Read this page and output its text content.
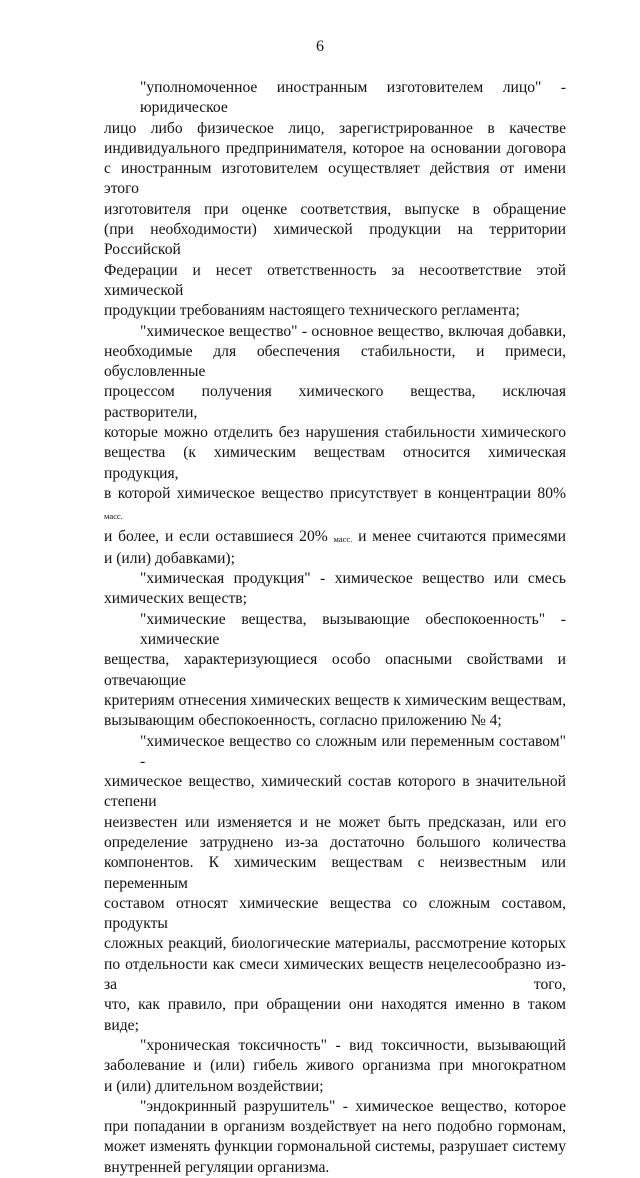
6
"уполномоченное иностранным изготовителем лицо" - юридическое
лицо либо физическое лицо, зарегистрированное в качестве
индивидуального предпринимателя, которое на основании договора
с иностранным изготовителем осуществляет действия от имени этого
изготовителя при оценке соответствия, выпуске в обращение
(при необходимости) химической продукции на территории Российской
Федерации и несет ответственность за несоответствие этой химической
продукции требованиям настоящего технического регламента;
"химическое вещество" - основное вещество, включая добавки,
необходимые для обеспечения стабильности, и примеси, обусловленные
процессом получения химического вещества, исключая растворители,
которые можно отделить без нарушения стабильности химического
вещества (к химическим веществам относится химическая продукция,
в которой химическое вещество присутствует в концентрации 80% $_{масс.}$
и более, и если оставшиеся 20% $_{масс.}$ и менее считаются примесями
и (или) добавками);
"химическая продукция" - химическое вещество или смесь
химических веществ;
"химические вещества, вызывающие обеспокоенность" - химические
вещества, характеризующиеся особо опасными свойствами и отвечающие
критериям отнесения химических веществ к химическим веществам,
вызывающим обеспокоенность, согласно приложению № 4;
"химическое вещество со сложным или переменным составом" -
химическое вещество, химический состав которого в значительной степени
неизвестен или изменяется и не может быть предсказан, или его
определение затруднено из-за достаточно большого количества
компонентов. К химическим веществам с неизвестным или переменным
составом относят химические вещества со сложным составом, продукты
сложных реакций, биологические материалы, рассмотрение которых
по отдельности как смеси химических веществ нецелесообразно из-за того,
что, как правило, при обращении они находятся именно в таком виде;
"хроническая токсичность" - вид токсичности, вызывающий
заболевание и (или) гибель живого организма при многократном
и (или) длительном воздействии;
"эндокринный разрушитель" - химическое вещество, которое
при попадании в организм воздействует на него подобно гормонам,
может изменять функции гормональной системы, разрушает систему
внутренней регуляции организма.
